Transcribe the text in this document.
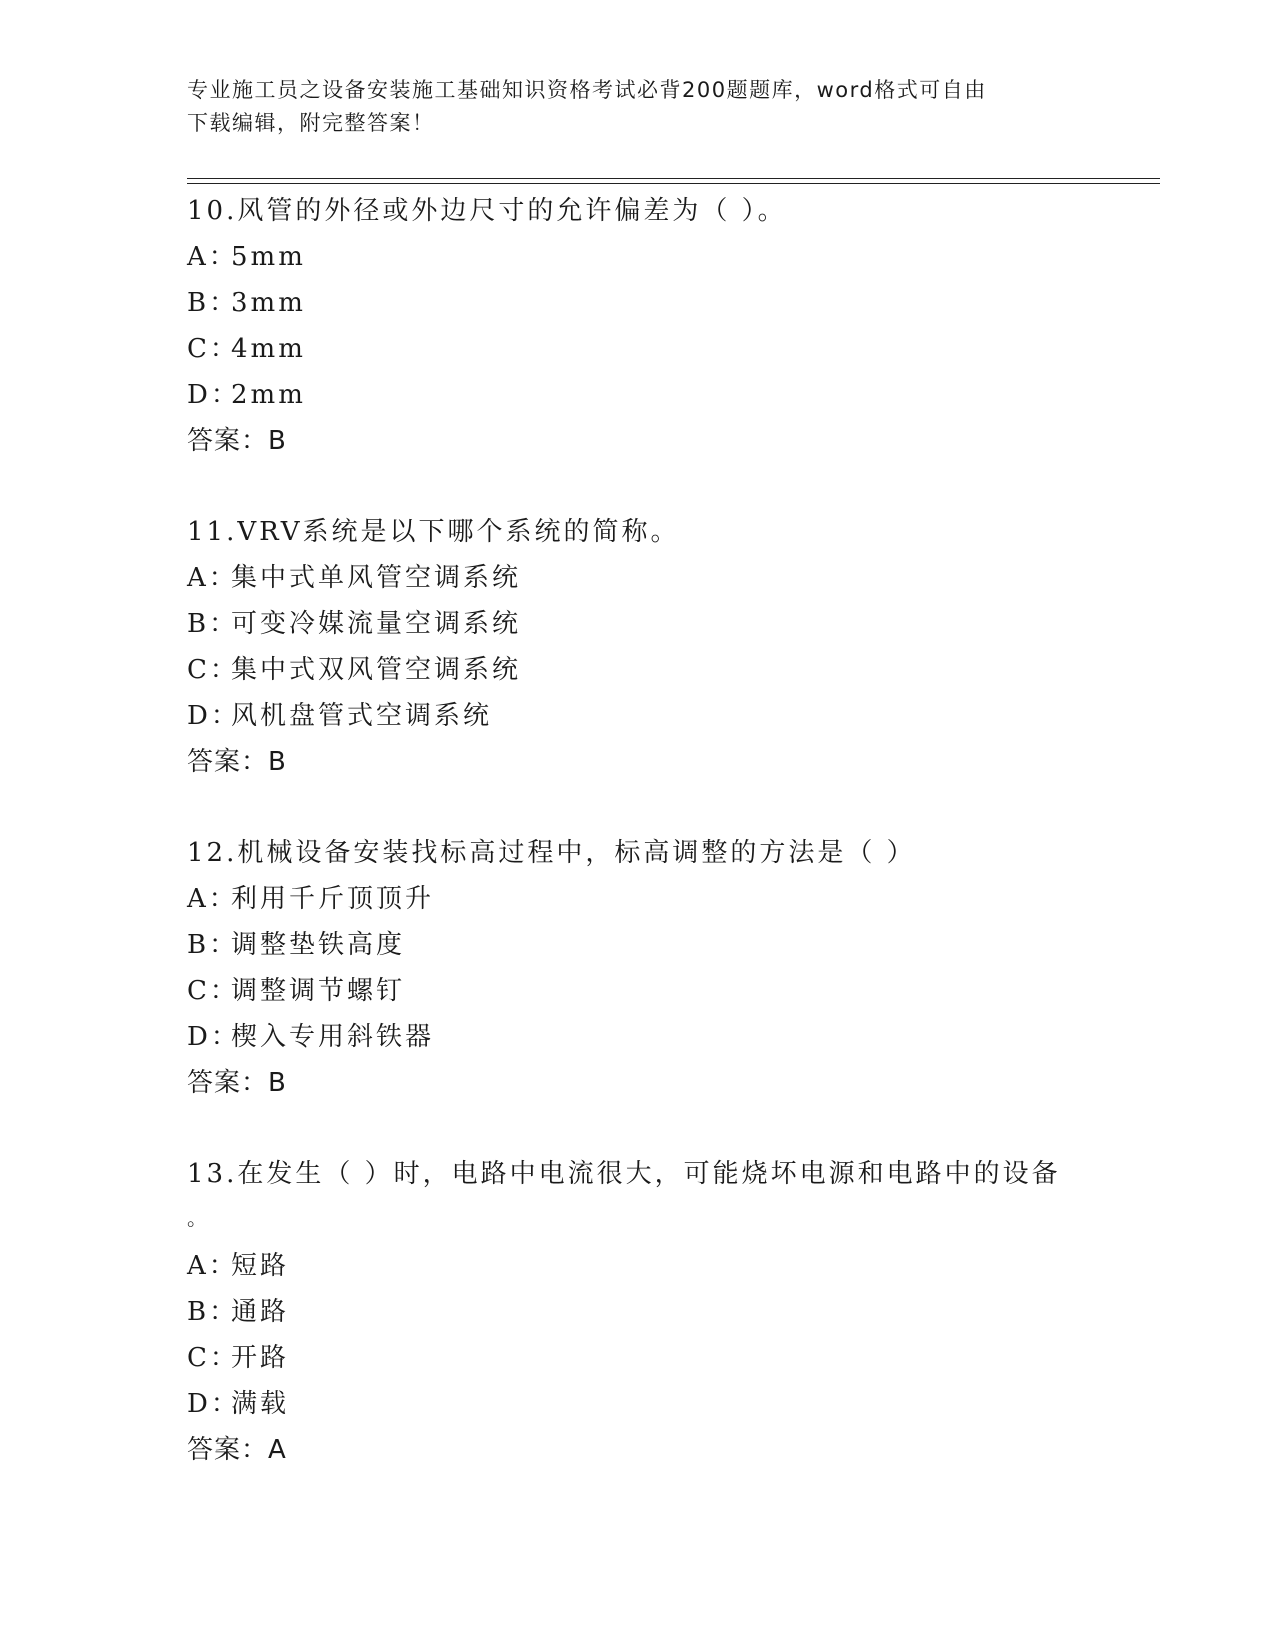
专业施工员之设备安装施工基础知识资格考试必背200题题库，word格式可自由
下载编辑，附完整答案！
10.风管的外径或外边尺寸的允许偏差为（ ）。
A：5mm
B：3mm
C：4mm
D：2mm
答案：B
11.VRV系统是以下哪个系统的简称。
A：集中式单风管空调系统
B：可变冷媒流量空调系统
C：集中式双风管空调系统
D：风机盘管式空调系统
答案：B
12.机械设备安装找标高过程中，标高调整的方法是（ ）
A：利用千斤顶顶升
B：调整垫铁高度
C：调整调节螺钉
D：楔入专用斜铁器
答案：B
13.在发生（ ）时，电路中电流很大，可能烧坏电源和电路中的设备
。
A：短路
B：通路
C：开路
D：满载
答案：A
